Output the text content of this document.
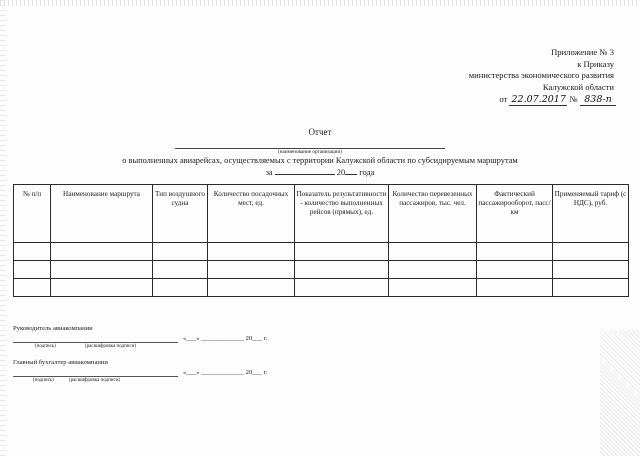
Приложение № 3
к Приказу
министерства экономического развития
Калужской области
от 22.07.2017 № 838-п
Отчет
(наименование организации)
о выполненных авиарейсах, осуществляемых с территории Калужской области по субсидируемым маршрутам
за	20 года
№ п/п	Наименование маршрута	Тип воздушного судна	Количество посадочных мест, ед.	Показатель результативности - количество выполненных рейсов (прямых), ед.	Количество перевезенных пассажиров, тыс. чел.	Фактический пассажирооборот, пасс/км	Применяемый тариф (с НДС), руб.

Руководитель авиакомпании
«___» _____________ 20___ г.
(подпись)	(расшифровка подписи)
Главный бухгалтер авиакомпании
«___» _____________ 20___ г.
(подпись)	(расшифровка подписи)
